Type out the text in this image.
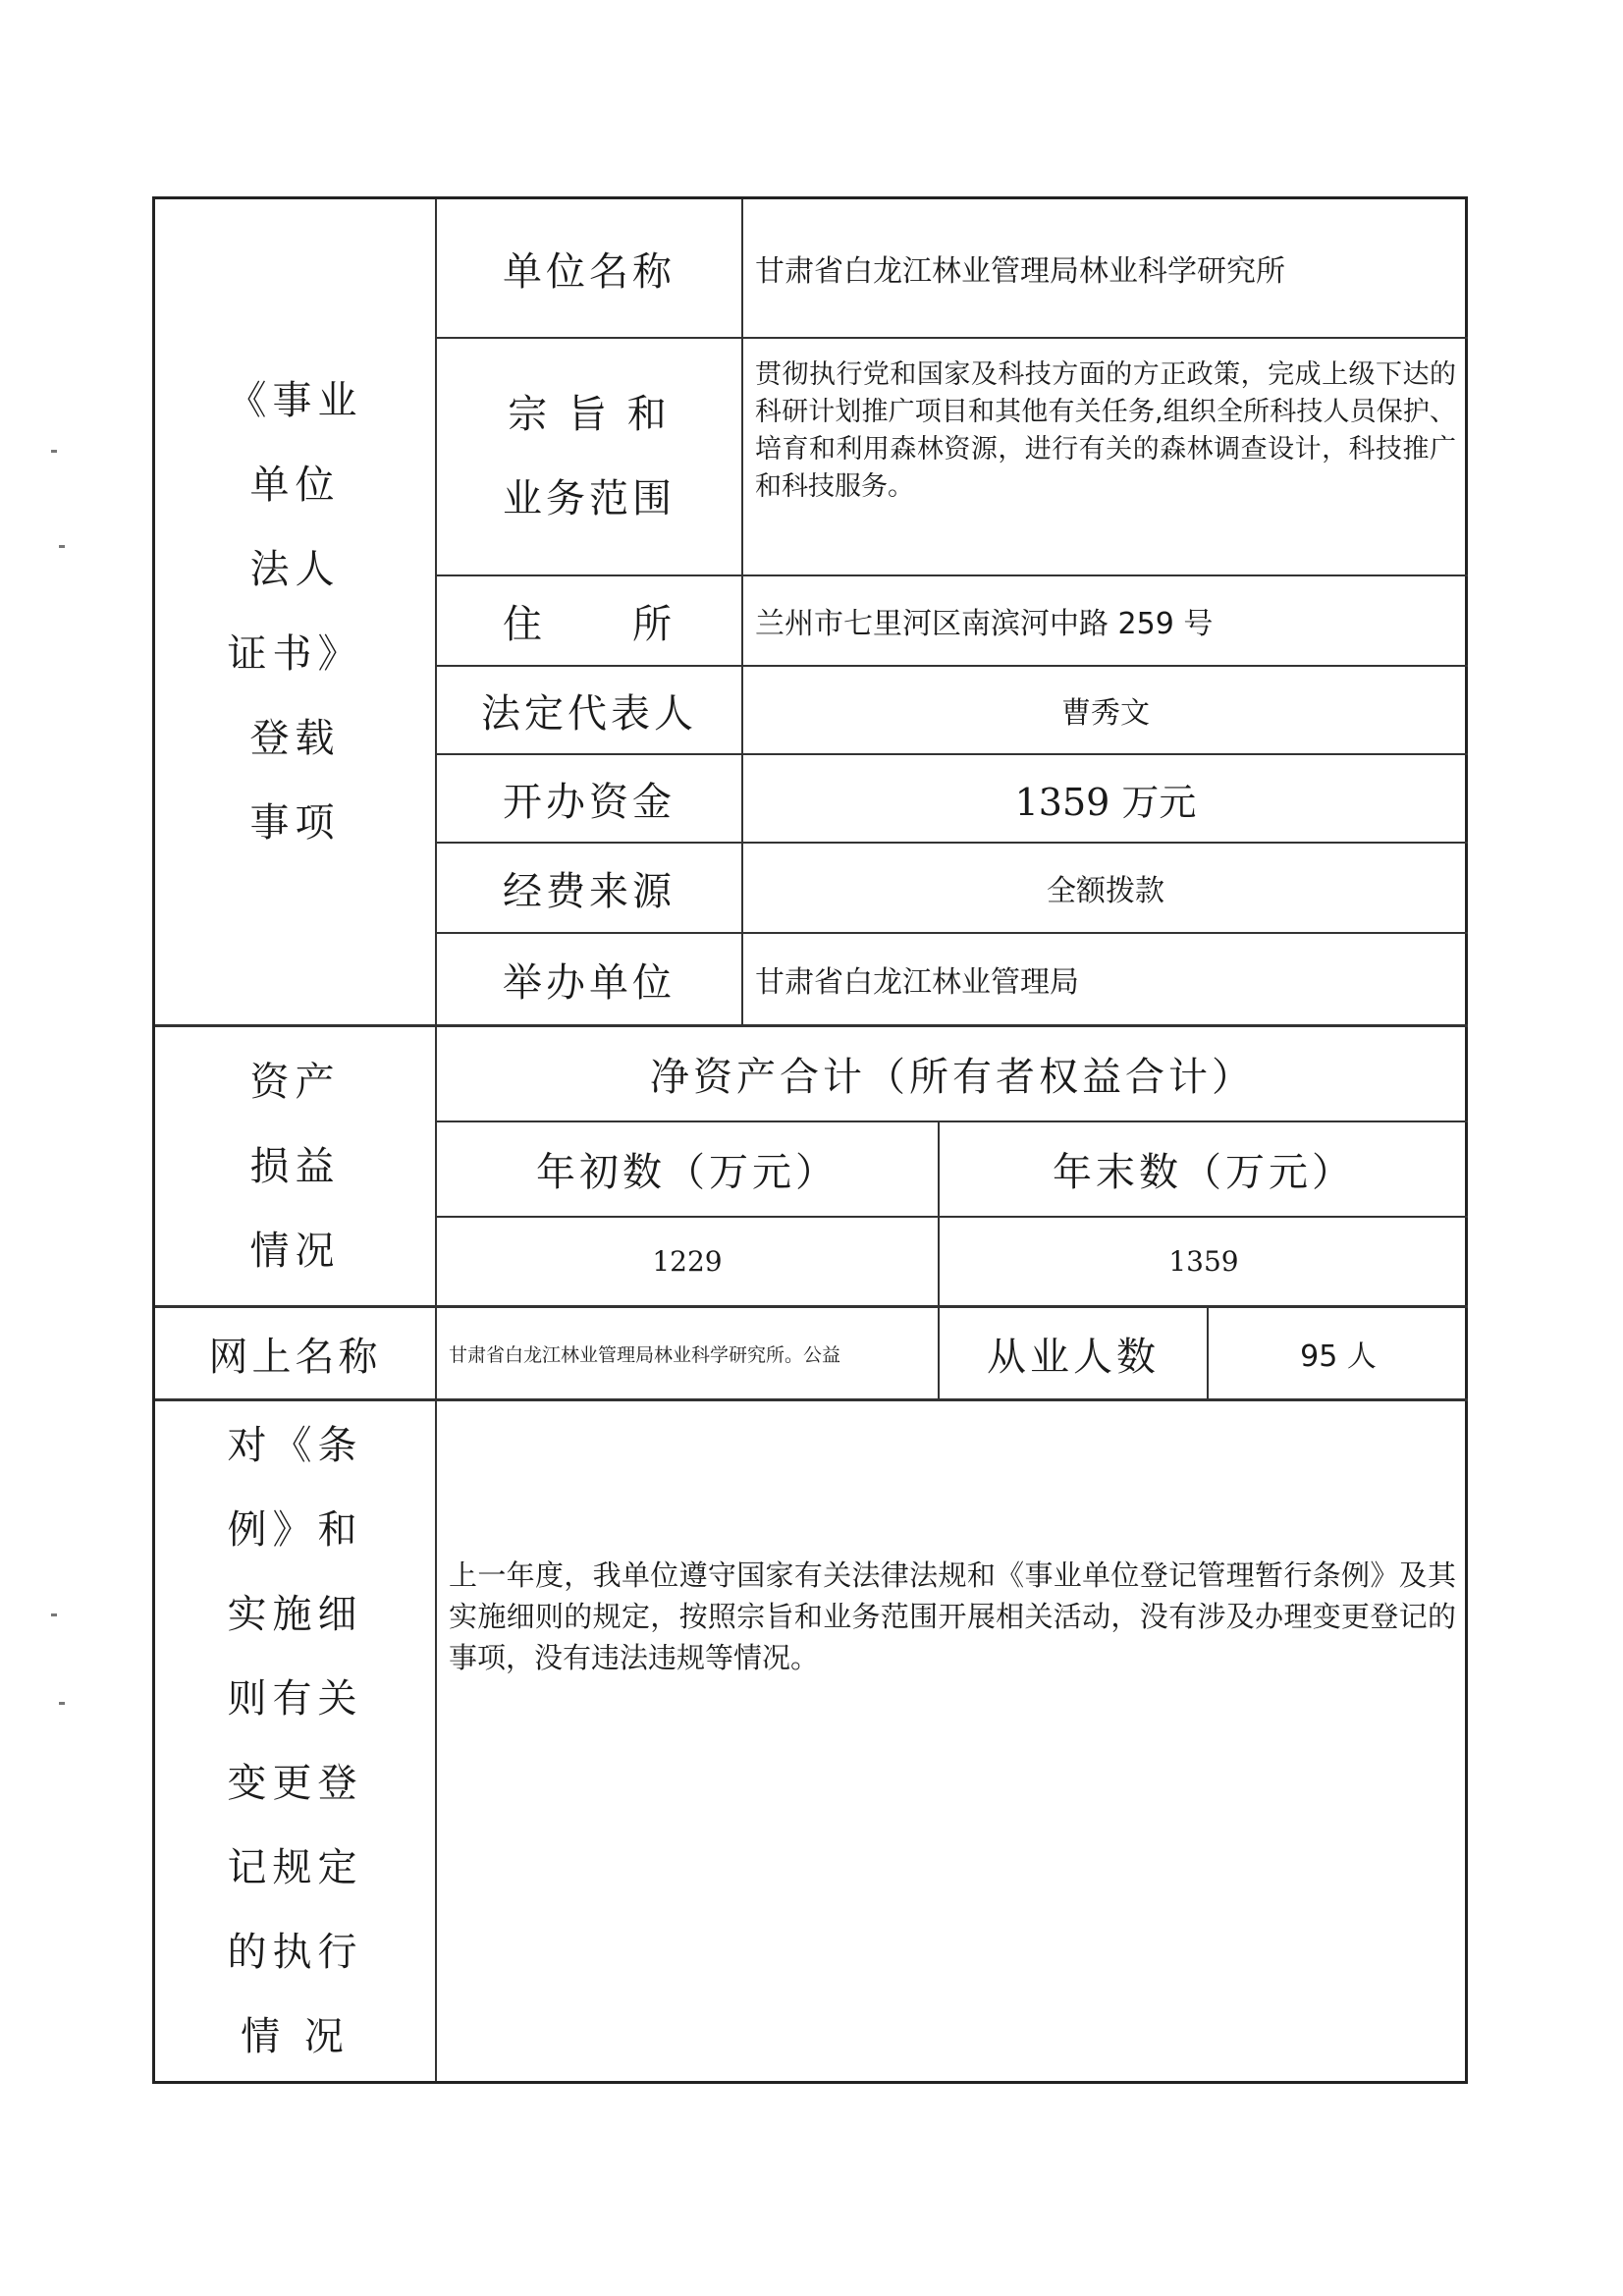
《事业
单位
法人
证书》
登载
事项
单位名称	甘肃省白龙江林业管理局林业科学研究所
宗 旨 和
业务范围
贯彻执行党和国家及科技方面的方正政策，完成上级下达的科研计划推广项目和其他有关任务,组织全所科技人员保护、培育和利用森林资源，进行有关的森林调查设计，科技推广和科技服务。
住　　所	兰州市七里河区南滨河中路 259 号
法定代表人	曹秀文
开办资金	1359 万元
经费来源	全额拨款
举办单位	甘肃省白龙江林业管理局
资产
损益
情况
净资产合计（所有者权益合计）
年初数（万元）	年末数（万元）
1229	1359
网上名称	甘肃省白龙江林业管理局林业科学研究所。公益	从业人数	95 人
对《条
例》和
实施细
则有关
变更登
记规定
的执行
情 况
上一年度，我单位遵守国家有关法律法规和《事业单位登记管理暂行条例》及其实施细则的规定，按照宗旨和业务范围开展相关活动，没有涉及办理变更登记的事项，没有违法违规等情况。
